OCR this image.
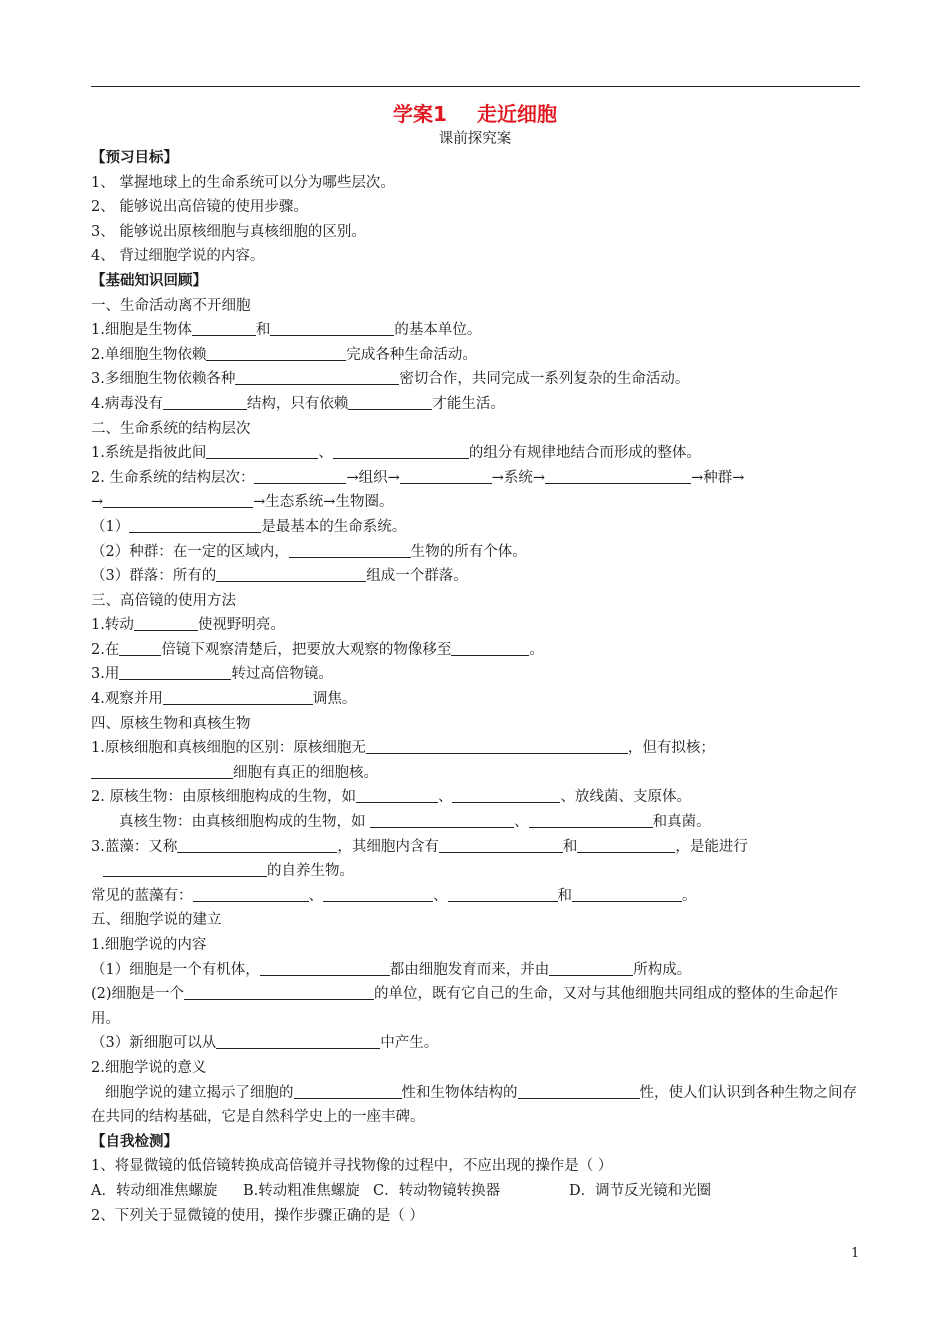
学案1 走近细胞
课前探究案
【预习目标】
1、 掌握地球上的生命系统可以分为哪些层次。
2、 能够说出高倍镜的使用步骤。
3、 能够说出原核细胞与真核细胞的区别。
4、 背过细胞学说的内容。
【基础知识回顾】
一、生命活动离不开细胞
1.细胞是生物体	和	的基本单位。
2.单细胞生物依赖	完成各种生命活动。
3.多细胞生物依赖各种	密切合作，共同完成一系列复杂的生命活动。
4.病毒没有	结构，只有依赖	才能生活。
二、生命系统的结构层次
1.系统是指彼此间	、	的组分有规律地结合而形成的整体。
2. 生命系统的结构层次：	→组织→	→系统→	→种群→
→	→生态系统→生物圈。
（1）	是最基本的生命系统。
（2）种群：在一定的区域内，	生物的所有个体。
（3）群落：所有的	组成一个群落。
三、高倍镜的使用方法
1.转动	使视野明亮。
2.在	倍镜下观察清楚后，把要放大观察的物像移至	。
3.用	转过高倍物镜。
4.观察并用	调焦。
四、原核生物和真核生物
1.原核细胞和真核细胞的区别：原核细胞无	，但有拟核；
细胞有真正的细胞核。
2. 原核生物：由原核细胞构成的生物，如	、	、放线菌、支原体。
真核生物：由真核细胞构成的生物，如	、	和真菌。
3.蓝藻：又称	，其细胞内含有	和	，是能进行
的自养生物。
常见的蓝藻有：	、	、	和	。
五、细胞学说的建立
1.细胞学说的内容
（1）细胞是一个有机体，	都由细胞发育而来，并由	所构成。
(2)细胞是一个	的单位，既有它自己的生命，又对与其他细胞共同组成的整体的生命起作用。
（3）新细胞可以从	中产生。
2.细胞学说的意义
细胞学说的建立揭示了细胞的	性和生物体结构的	性，使人们认识到各种生物之间存在共同的结构基础，它是自然科学史上的一座丰碑。
【自我检测】
1、将显微镜的低倍镜转换成高倍镜并寻找物像的过程中，不应出现的操作是（ ）
A．转动细准焦螺旋 B.转动粗准焦螺旋 C．转动物镜转换器	D．调节反光镜和光圈
2、下列关于显微镜的使用，操作步骤正确的是（ ）
1
